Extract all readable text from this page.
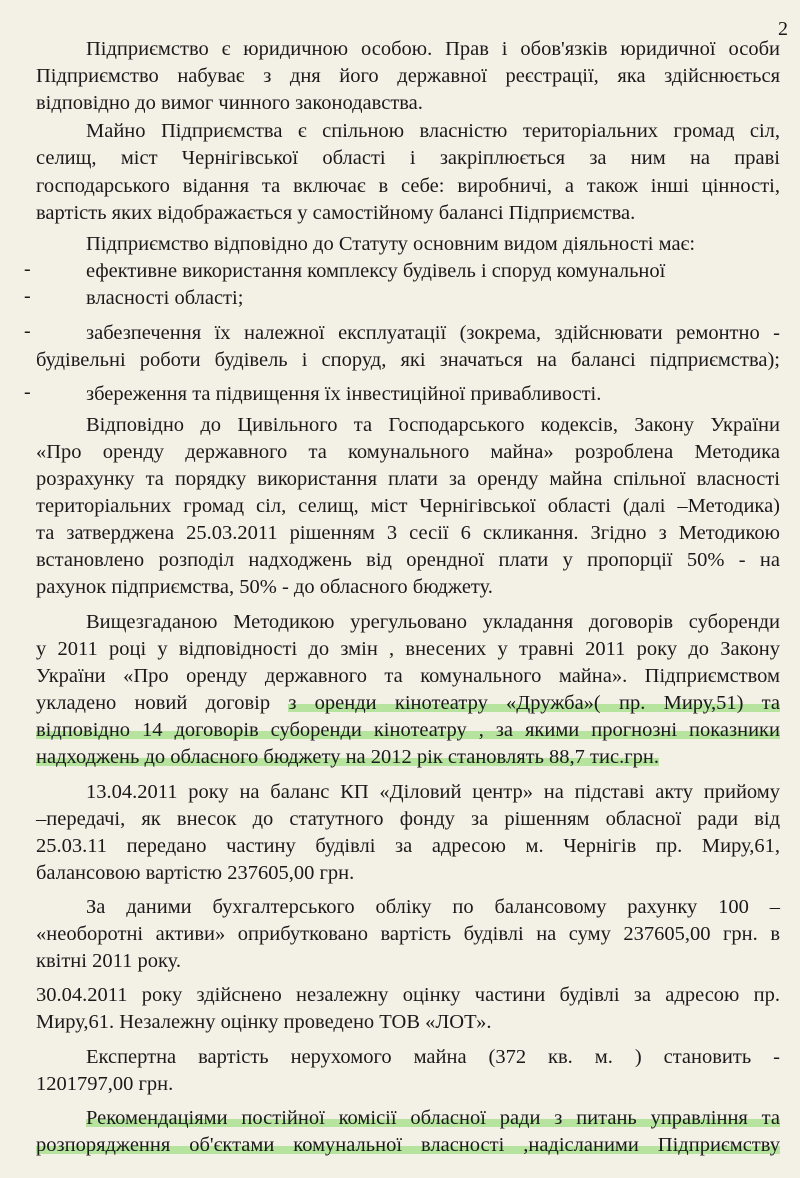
2
Підприємство є юридичною особою. Прав і обов'язків юридичної особи
Підприємство набуває з дня його державної реєстрації, яка здійснюється
відповідно до вимог чинного законодавства.
Майно Підприємства є спільною власністю територіальних громад сіл,
селищ, міст Чернігівської області і закріплюється за ним на праві
господарського відання та включає в себе: виробничі, а також інші цінності,
вартість яких відображається у самостійному балансі Підприємства.
Підприємство відповідно до Статуту основним видом діяльності має:
ефективне використання комплексу будівель і споруд комунальної
-
власності області;
-
забезпечення їх належної експлуатації (зокрема, здійснювати ремонтно -
-
будівельні роботи будівель і споруд, які значаться на балансі підприємства);
збереження та підвищення їх інвестиційної привабливості.
-
Відповідно до Цивільного та Господарського кодексів, Закону України
«Про оренду державного та комунального майна» розроблена Методика
розрахунку та порядку використання плати за оренду майна спільної власності
територіальних громад сіл, селищ, міст Чернігівської області (далі –Методика)
та затверджена 25.03.2011 рішенням 3 сесії 6 скликання. Згідно з Методикою
встановлено розподіл надходжень від орендної плати у пропорції 50% - на
рахунок підприємства, 50% - до обласного бюджету.
Вищезгаданою Методикою урегульовано укладання договорів суборенди
у 2011 році у відповідності до змін , внесених у травні 2011 року до Закону
України «Про оренду державного та комунального майна». Підприємством
укладено новий договір з оренди кінотеатру «Дружба»( пр. Миру,51) та
відповідно 14 договорів суборенди кінотеатру , за якими прогнозні показники
надходжень до обласного бюджету на 2012 рік становлять 88,7 тис.грн.
13.04.2011 року на баланс КП «Діловий центр» на підставі акту прийому
–передачі, як внесок до статутного фонду за рішенням обласної ради від
25.03.11 передано частину будівлі за адресою м. Чернігів пр. Миру,61,
балансовою вартістю 237605,00 грн.
За даними бухгалтерського обліку по балансовому рахунку 100 –
«необоротні активи» оприбутковано вартість будівлі на суму 237605,00 грн. в
квітні 2011 року.
30.04.2011 року здійснено незалежну оцінку частини будівлі за адресою пр.
Миру,61. Незалежну оцінку проведено ТОВ «ЛОТ».
Експертна вартість нерухомого майна (372 кв. м. ) становить -
1201797,00 грн.
Рекомендаціями постійної комісії обласної ради з питань управління та
розпорядження об'єктами комунальної власності ,надісланими Підприємству
